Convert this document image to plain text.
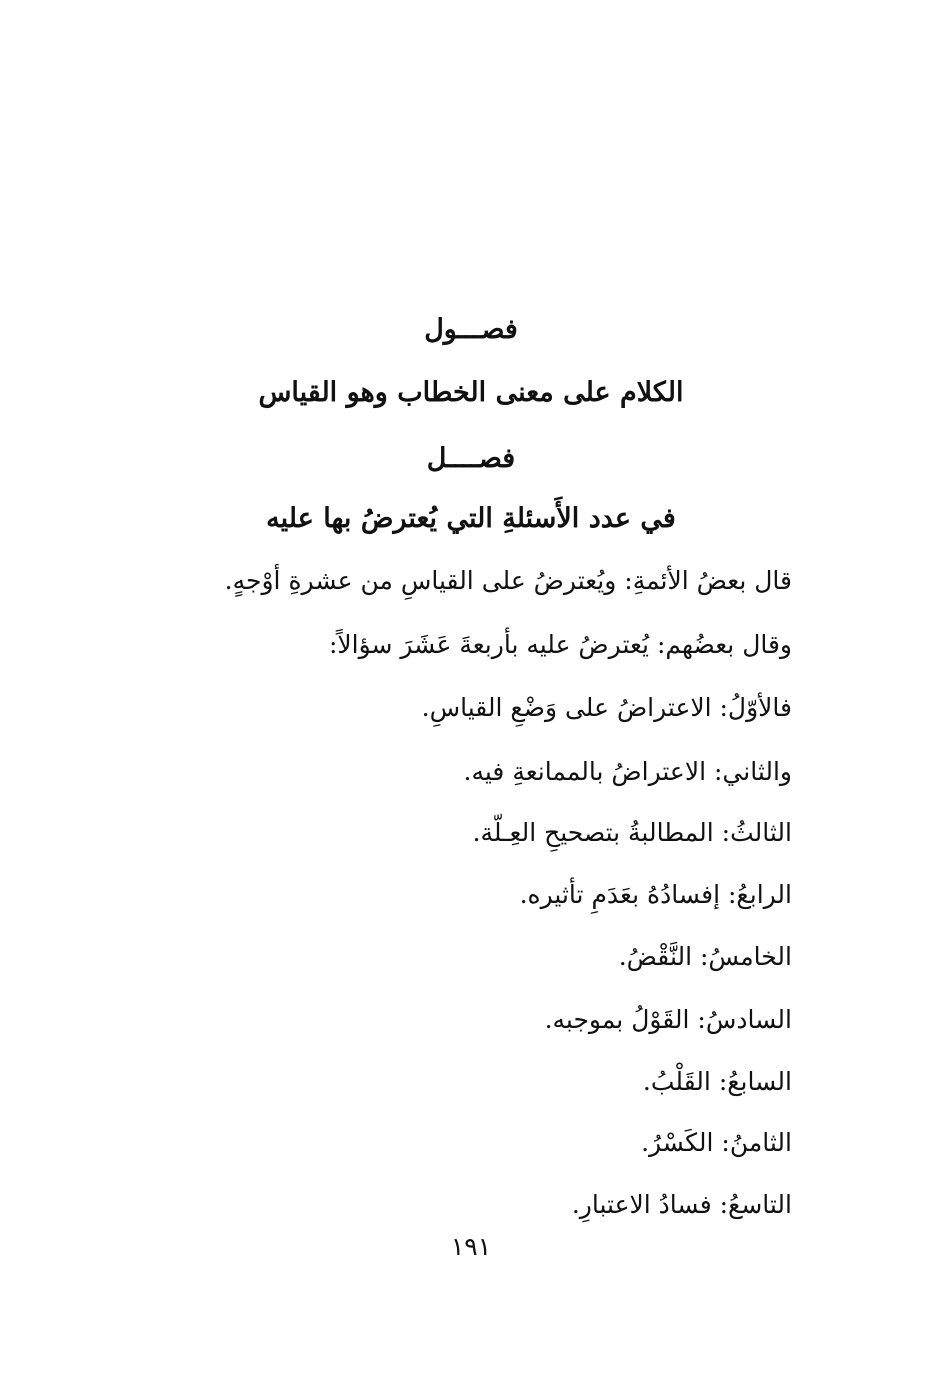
فصـــول
الكلام على معنى الخطاب وهو القياس
فصــــل
في عدد الأَسئلةِ التي يُعترضُ بها عليه
قال بعضُ الأئمةِ: ويُعترضُ على القياسِ من عشرةِ أوْجهٍ.
وقال بعضُهم: يُعترضُ عليه بأربعةَ عَشَرَ سؤالاً:
فالأوّلُ: الاعتراضُ على وَضْعِ القياسِ.
والثاني: الاعتراضُ بالممانعةِ فيه.
الثالثُ: المطالبةُ بتصحيحِ العِـلّة.
الرابعُ: إفسادُهُ بعَدَمِ تأثيره.
الخامسُ: النَّقْضُ.
السادسُ: القَوْلُ بموجبه.
السابعُ: القَلْبُ.
الثامنُ: الكَسْرُ.
التاسعُ: فسادُ الاعتبارِ.
١٩١
